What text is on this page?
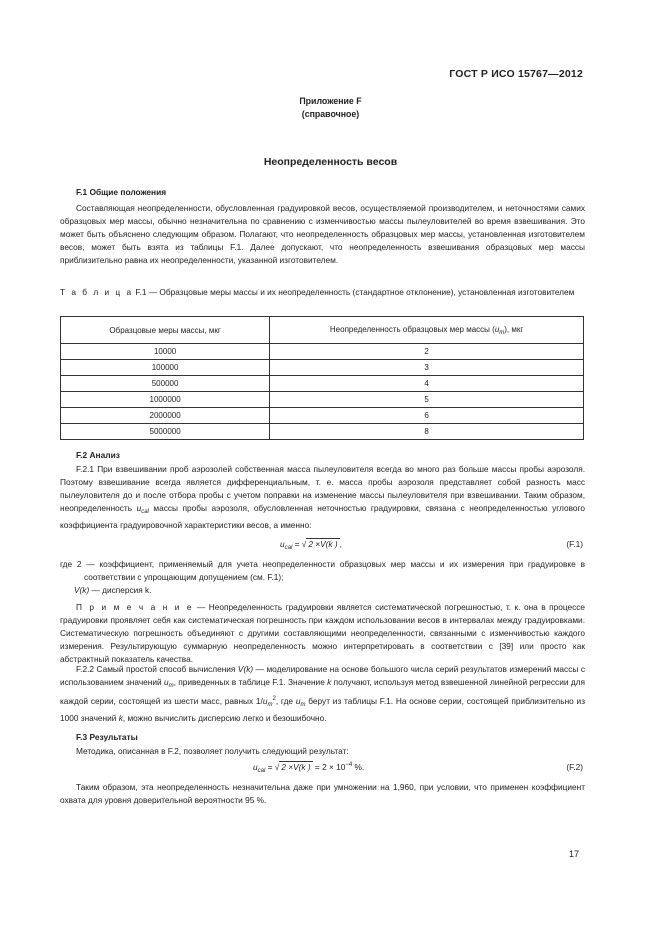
ГОСТ Р ИСО 15767—2012
Приложение F
(справочное)
Неопределенность весов
F.1 Общие положения

Составляющая неопределенности, обусловленная градуировкой весов, осуществляемой производителем, и неточностями самих образцовых мер массы, обычно незначительна по сравнению с изменчивостью массы пылеуловителей во время взвешивания. Это может быть объяснено следующим образом. Полагают, что неопределенность образцовых мер массы, установленная изготовителем весов, может быть взята из таблицы F.1. Далее допускают, что неопределенность взвешивания образцовых мер массы приблизительно равна их неопределенности, указанной изготовителем.

Т а б л и ц а F.1 — Образцовые меры массы и их неопределенность (стандартное отклонение), установленная изготовителем
Образцовые меры массы, мкг	Неопределенность образцовых мер массы $(u_m)$, мкг
10000	2
100000	3
500000	4
1000000	5
2000000	6
5000000	8
F.2 Анализ

F.2.1 При взвешивании проб аэрозолей собственная масса пылеуловителя всегда во много раз больше массы пробы аэрозоля. Поэтому взвешивание всегда является дифференциальным, т. е. масса пробы аэрозоля представляет собой разность масс пылеуловителя до и после отбора пробы с учетом поправки на изменение массы пылеуловителя при взвешивании. Таким образом, неопределенность $u_{cal}$ массы пробы аэрозоля, обусловленная неточностью градуировки, связана с неопределенностью углового коэффициента градуировочной характеристики весов, а именно:

$u_{cal}$ = √ 2 ×V(k ) ,	(F.1)

где 2 — коэффициент, применяемый для учета неопределенности образцовых мер массы и их измерения при градуировке в соответствии с упрощающим допущением (см. F.1);

V(k) — дисперсия k.

П р и м е ч а н и е — Неопределенность градуировки является систематической погрешностью, т. к. она в процессе градуировки проявляет себя как систематическая погрешность при каждом использовании весов в интервалах между градуировками. Систематическую погрешность объединяют с другими составляющими неопределенности, связанными с изменчивостью каждого измерения. Результирующую суммарную неопределенность можно интерпретировать в соответствии с [39] или просто как абстрактный показатель качества.

F.2.2 Самый простой способ вычисления V(k) — моделирование на основе большого числа серий результатов измерений массы с использованием значений $u_m$, приведенных в таблице F.1. Значение k получают, используя метод взвешенной линейной регрессии для каждой серии, состоящей из шести масс, равных $1/u_m^2$, где $u_m$ берут из таблицы F.1. На основе серии, состоящей приблизительно из 1000 значений k, можно вычислить дисперсию легко и безошибочно.

F.3 Результаты

Методика, описанная в F.2, позволяет получить следующий результат:

$u_{cal}$ = √ 2 ×V(k ) = $2 \times 10^{-4}$ %.	(F.2)

Таким образом, эта неопределенность незначительна даже при умножении на 1,960, при условии, что применен коэффициент охвата для уровня доверительной вероятности 95 %.

17
